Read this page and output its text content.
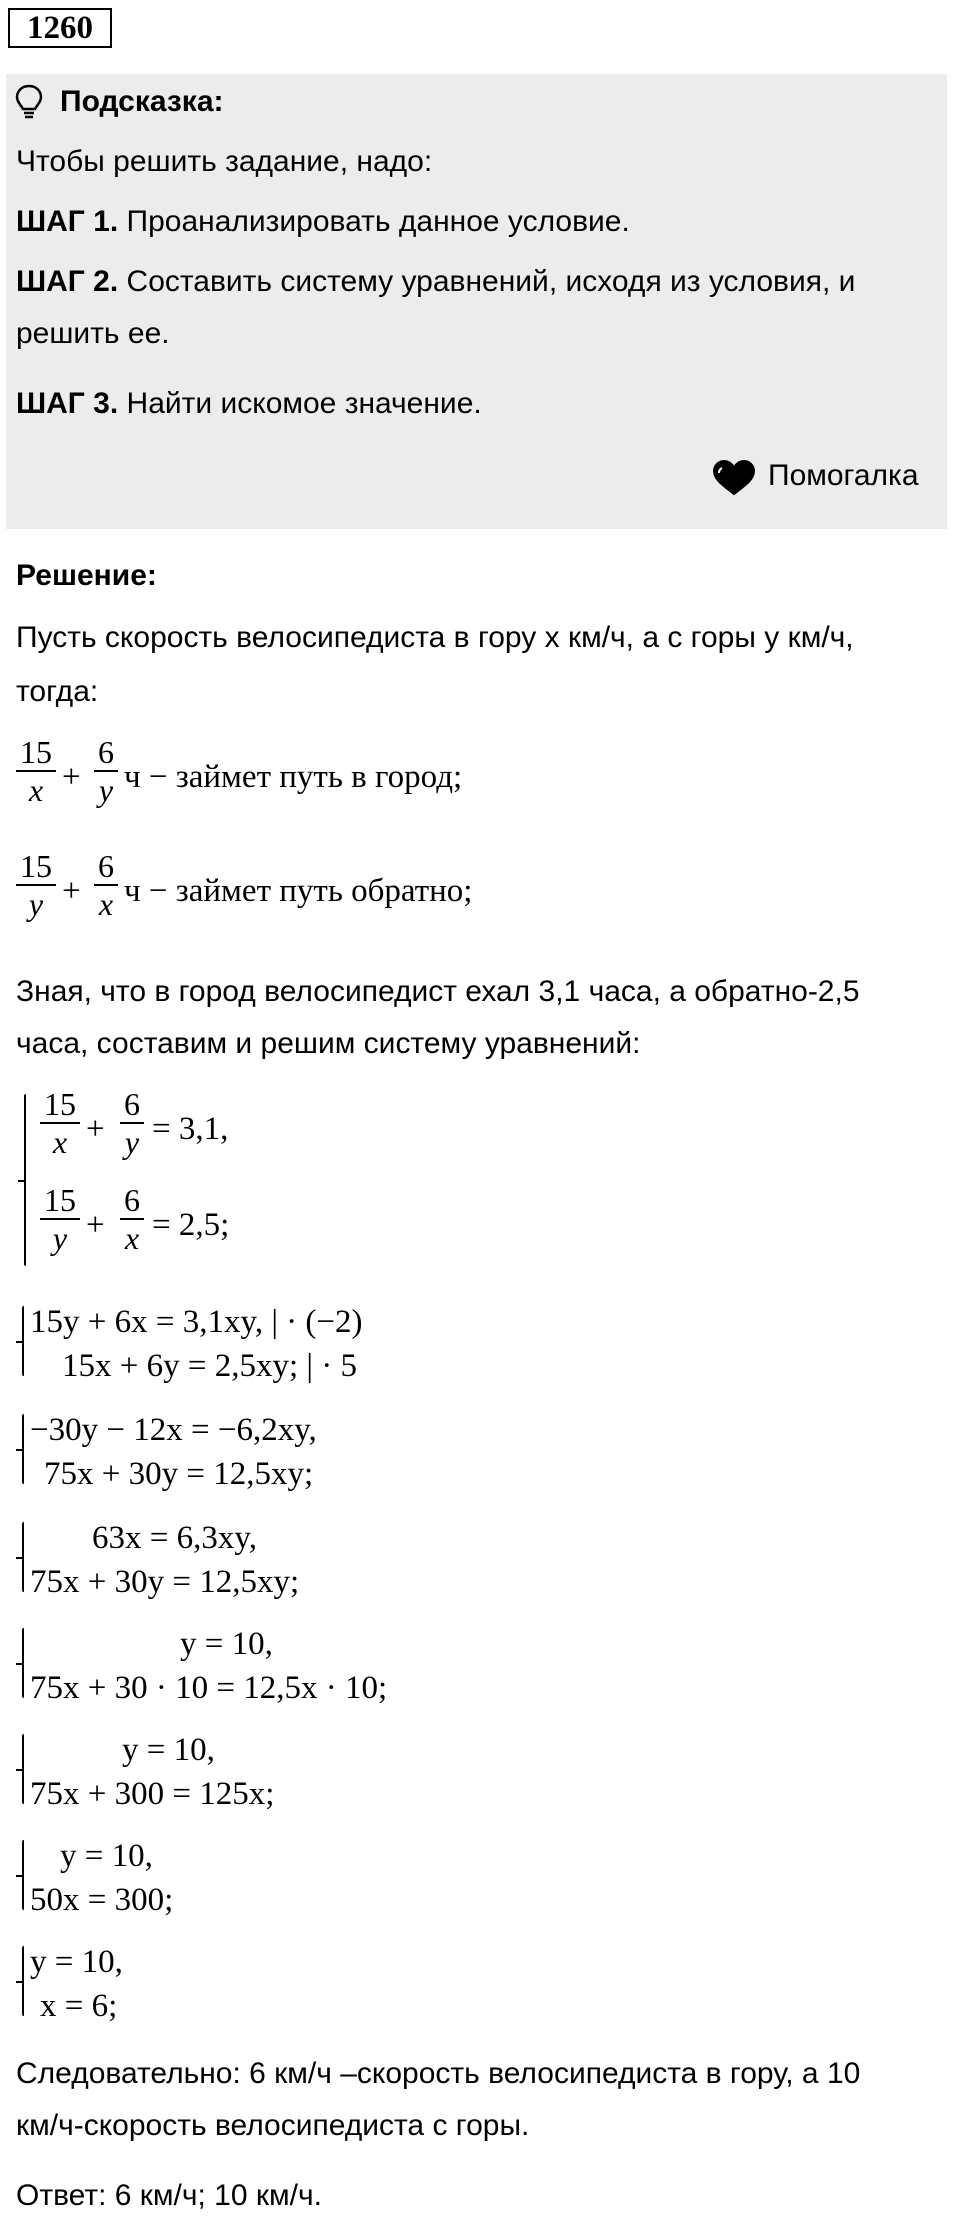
1260
Подсказка:
Чтобы решить задание, надо:
ШАГ 1. Проанализировать данное условие.
ШАГ 2. Составить систему уравнений, исходя из условия, и
решить ее.
ШАГ 3. Найти искомое значение.
Помогалка
Решение:
Пусть скорость велосипедиста в гору x км/ч, а с горы y км/ч,
тогда:
15
x +
6
y ч − займет путь в город;
15
y +
6
x ч − займет путь обратно;
Зная, что в город велосипедист ехал 3,1 часа, а обратно-2,5
часа, составим и решим систему уравнений:
15
x +
6
y = 3,1,
15
y +
6
x = 2,5;
15y + 6x = 3,1xy, | · (−2)
15x + 6y = 2,5xy; | · 5
−30y − 12x = −6,2xy,
75x + 30y = 12,5xy;
63x = 6,3xy,
75x + 30y = 12,5xy;
y = 10,
75x + 30 · 10 = 12,5x · 10;
y = 10,
75x + 300 = 125x;
y = 10,
50x = 300;
y = 10,
x = 6;
Следовательно: 6 км/ч –скорость велосипедиста в гору, а 10
км/ч-скорость велосипедиста с горы.
Ответ: 6 км/ч; 10 км/ч.
